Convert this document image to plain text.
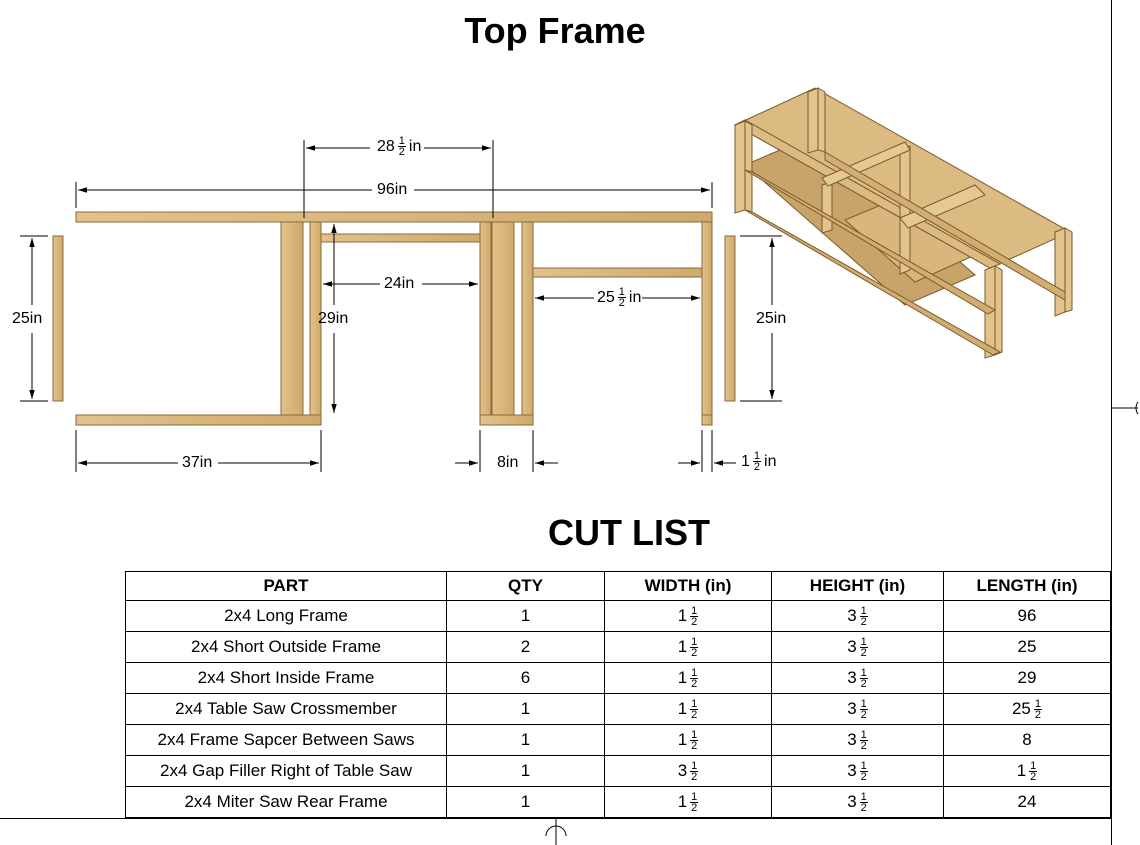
Top Frame
$28 \frac{1}{2}$ in
96in
25in	29in
24in
$25 \frac{1}{2}$ in
25in
37in	8in	$1 \frac{1}{2}$ in
CUT LIST
PART	QTY	WIDTH (in)	HEIGHT (in)	LENGTH (in)
2x4 Long Frame	1	$1 \frac{1}{2}$	$3 \frac{1}{2}$	96

2x4 Short Outside Frame	2	$1 \frac{1}{2}$	$3 \frac{1}{2}$	25

2x4 Short Inside Frame	6	$1 \frac{1}{2}$	$3 \frac{1}{2}$	29

2x4 Table Saw Crossmember	1	$1 \frac{1}{2}$	$3 \frac{1}{2}$	$25 \frac{1}{2}$

2x4 Frame Sapcer Between Saws	1	$1 \frac{1}{2}$	$3 \frac{1}{2}$	8

2x4 Gap Filler Right of Table Saw	1	$3 \frac{1}{2}$	$3 \frac{1}{2}$	$1 \frac{1}{2}$

2x4 Miter Saw Rear Frame	1	$1 \frac{1}{2}$	$3 \frac{1}{2}$	24
